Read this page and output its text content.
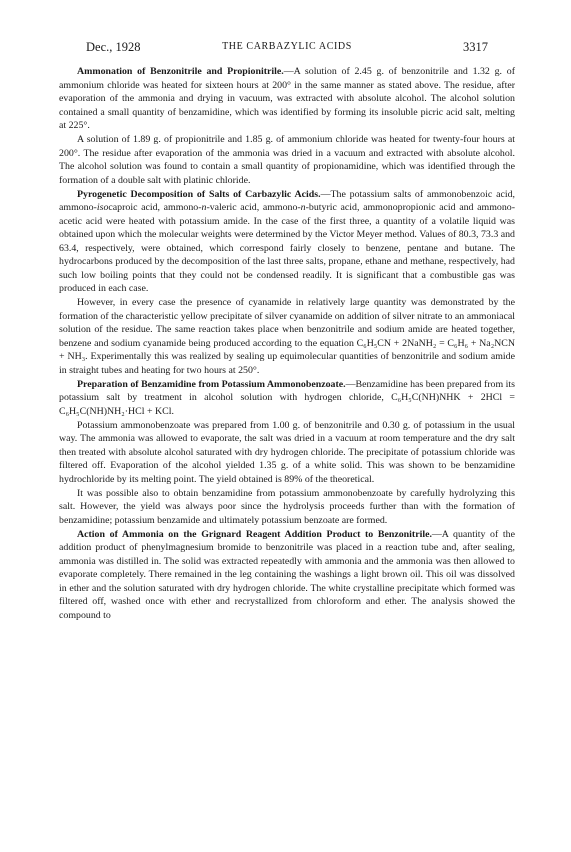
Dec., 1928	THE CARBAZYLIC ACIDS	3317

Ammonation of Benzonitrile and Propionitrile.—A solution of 2.45 g. of benzonitrile and 1.32 g. of ammonium chloride was heated for sixteen hours at 200° in the same manner as stated above. The residue, after evaporation of the ammonia and drying in vacuum, was extracted with absolute alcohol. The alcohol solution contained a small quantity of benzamidine, which was identified by forming its insoluble picric acid salt, melting at 225°.

A solution of 1.89 g. of propionitrile and 1.85 g. of ammonium chloride was heated for twenty-four hours at 200°. The residue after evaporation of the ammonia was dried in a vacuum and extracted with absolute alcohol. The alcohol solution was found to contain a small quantity of propionamidine, which was identified through the formation of a double salt with platinic chloride.

Pyrogenetic Decomposition of Salts of Carbazylic Acids.—The potassium salts of ammonobenzoic acid, ammono-isocaproic acid, ammono-n-valeric acid, ammono-n-butyric acid, ammonopropionic acid and ammono-acetic acid were heated with potassium amide. In the case of the first three, a quantity of a volatile liquid was obtained upon which the molecular weights were determined by the Victor Meyer method. Values of 80.3, 73.3 and 63.4, respectively, were obtained, which correspond fairly closely to benzene, pentane and butane. The hydrocarbons produced by the decomposition of the last three salts, propane, ethane and methane, respectively, had such low boiling points that they could not be condensed readily. It is significant that a combustible gas was produced in each case.

However, in every case the presence of cyanamide in relatively large quantity was demonstrated by the formation of the characteristic yellow precipitate of silver cyanamide on addition of silver nitrate to an ammoniacal solution of the residue. The same reaction takes place when benzonitrile and sodium amide are heated together, benzene and sodium cyanamide being produced according to the equation C₆H₅CN + 2NaNH₂ = C₆H₆ + Na₂NCN + NH₃. Experimentally this was realized by sealing up equimolecular quantities of benzonitrile and sodium amide in straight tubes and heating for two hours at 250°.

Preparation of Benzamidine from Potassium Ammonobenzoate.—Benzamidine has been prepared from its potassium salt by treatment in alcohol solution with hydrogen chloride, C₆H₅C(NH)NHK + 2HCl = C₆H₅C(NH)NH₂·HCl + KCl.

Potassium ammonobenzoate was prepared from 1.00 g. of benzonitrile and 0.30 g. of potassium in the usual way. The ammonia was allowed to evaporate, the salt was dried in a vacuum at room temperature and the dry salt then treated with absolute alcohol saturated with dry hydrogen chloride. The precipitate of potassium chloride was filtered off. Evaporation of the alcohol yielded 1.35 g. of a white solid. This was shown to be benzamidine hydrochloride by its melting point. The yield obtained is 89% of the theoretical.

It was possible also to obtain benzamidine from potassium ammonobenzoate by carefully hydrolyzing this salt. However, the yield was always poor since the hydrolysis proceeds further than with the formation of benzamidine; potassium benzamide and ultimately potassium benzoate are formed.

Action of Ammonia on the Grignard Reagent Addition Product to Benzonitrile.—A quantity of the addition product of phenylmagnesium bromide to benzonitrile was placed in a reaction tube and, after sealing, ammonia was distilled in. The solid was extracted repeatedly with ammonia and the ammonia was then allowed to evaporate completely. There remained in the leg containing the washings a light brown oil. This oil was dissolved in ether and the solution saturated with dry hydrogen chloride. The white crystalline precipitate which formed was filtered off, washed once with ether and recrystallized from chloroform and ether. The analysis showed the compound to
